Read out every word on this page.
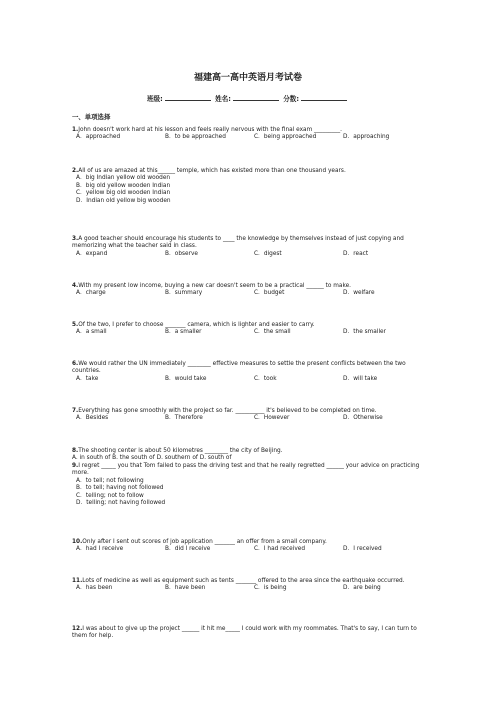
福建高一高中英语月考试卷
班级:	姓名:	分数:
一、单项选择
1.John doesn't work hard at his lesson and feels really nervous with the final exam _________.
A．approached	B．to be approached	C．being approached	D．approaching
2.All of us are amazed at this______ temple, which has existed more than one thousand years.
A．big Indian yellow old wooden
B．big old yellow wooden Indian
C．yellow big old wooden Indian
D．Indian old yellow big wooden
3.A good teacher should encourage his students to ____ the knowledge by themselves instead of just copying and memorizing what the teacher said in class.
A．expand	B．observe	C．digest	D．react
4.With my present low income, buying a new car doesn't seem to be a practical ______ to make.
A．charge	B．summary	C．budget	D．welfare
5.Of the two, I prefer to choose _______ camera, which is lighter and easier to carry.
A．a small	B．a smaller	C．the small	D．the smaller
6.We would rather the UN immediately ________ effective measures to settle the present conflicts between the two countries.
A．take	B．would take	C．took	D．will take
7.Everything has gone smoothly with the project so far. __________ it's believed to be completed on time.
A．Besides	B．Therefore	C．However	D．Otherwise
8.The shooting center is about 50 kilometres ________ the city of Beijing.
A. in south of B. the south of D. southern of D. south of
9.I regret _____ you that Tom failed to pass the driving test and that he really regretted ______ your advice on practicing more.
A．to tell; not following
B．to tell; having not followed
C．telling; not to follow
D．telling; not having followed
10.Only after I sent out scores of job application _______ an offer from a small company.
A．had I receive	B．did I receive	C．I had received	D．I received
11.Lots of medicine as well as equipment such as tents _______ offered to the area since the earthquake occurred.
A．has been	B．have been	C．is being	D．are being
12.I was about to give up the project ______ it hit me_____ I could work with my roommates. That's to say, I can turn to them for help.
